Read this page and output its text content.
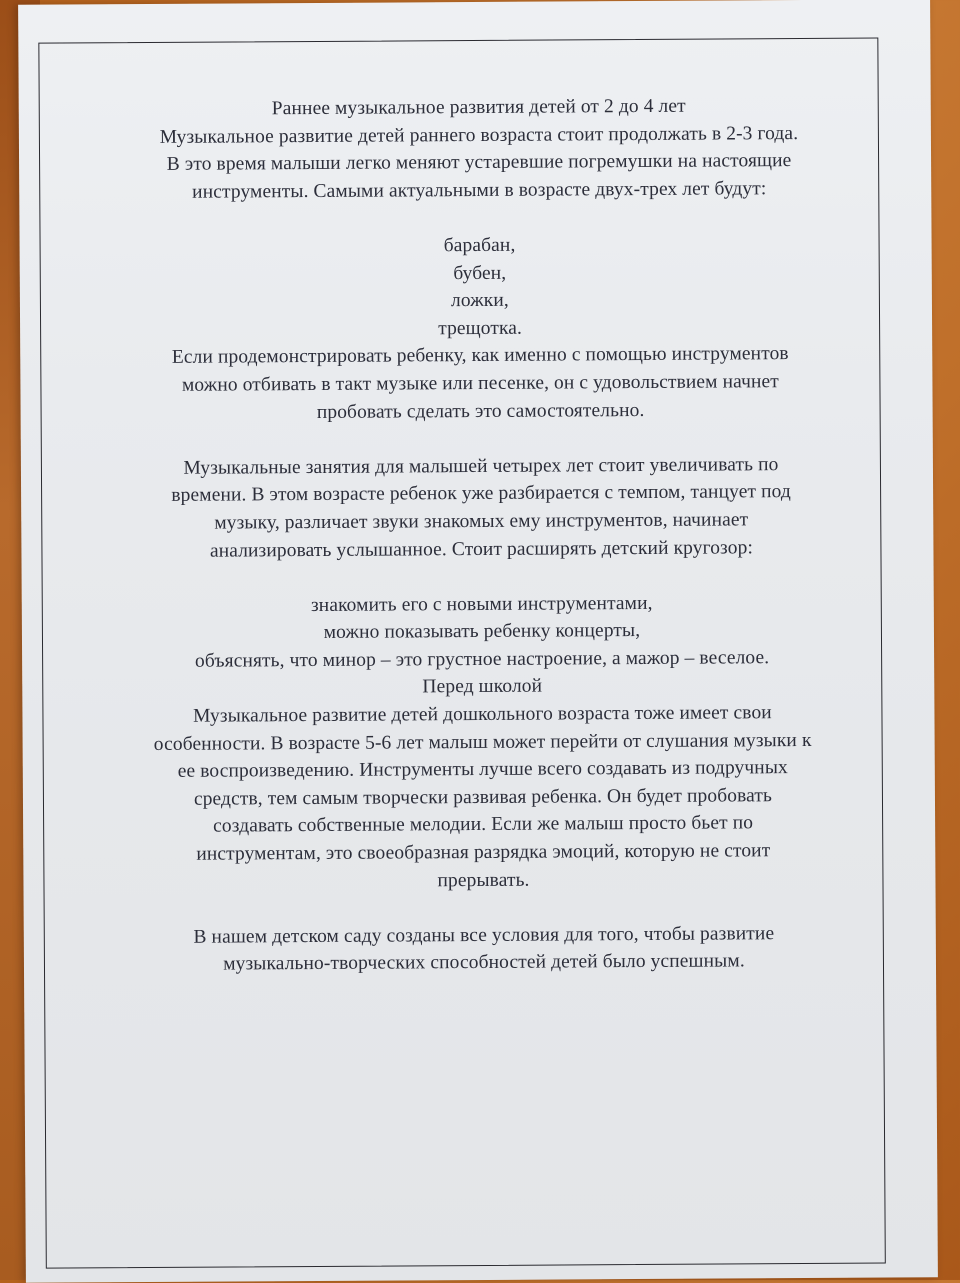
Раннее музыкальное развития детей от 2 до 4 лет
Музыкальное развитие детей раннего возраста стоит продолжать в 2-3 года.
В это время малыши легко меняют устаревшие погремушки на настоящие
инструменты. Самыми актуальными в возрасте двух-трех лет будут:
барабан,
бубен,
ложки,
трещотка.
Если продемонстрировать ребенку, как именно с помощью инструментов
можно отбивать в такт музыке или песенке, он с удовольствием начнет
пробовать сделать это самостоятельно.
Музыкальные занятия для малышей четырех лет стоит увеличивать по
времени. В этом возрасте ребенок уже разбирается с темпом, танцует под
музыку, различает звуки знакомых ему инструментов, начинает
анализировать услышанное. Стоит расширять детский кругозор:
знакомить его с новыми инструментами,
можно показывать ребенку концерты,
объяснять, что минор – это грустное настроение, а мажор – веселое.
Перед школой
Музыкальное развитие детей дошкольного возраста тоже имеет свои
особенности. В возрасте 5-6 лет малыш может перейти от слушания музыки к
ее воспроизведению. Инструменты лучше всего создавать из подручных
средств, тем самым творчески развивая ребенка. Он будет пробовать
создавать собственные мелодии. Если же малыш просто бьет по
инструментам, это своеобразная разрядка эмоций, которую не стоит
прерывать.
В нашем детском саду созданы все условия для того, чтобы развитие
музыкально-творческих способностей детей было успешным.
